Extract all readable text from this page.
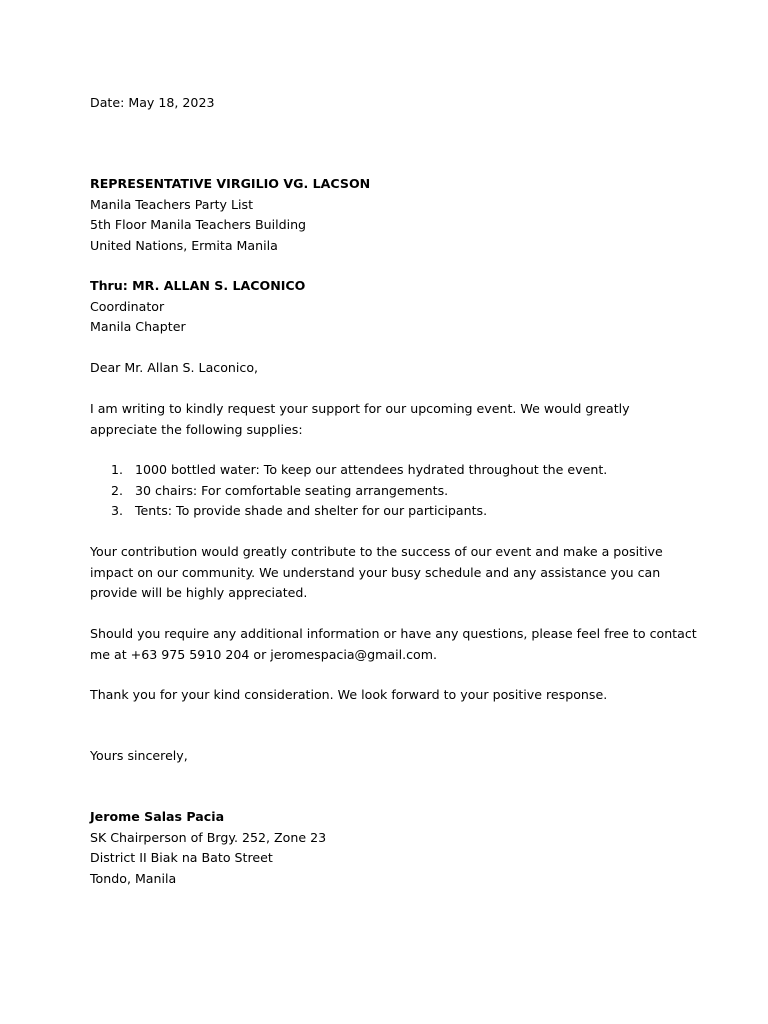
Date: May 18, 2023
REPRESENTATIVE VIRGILIO VG. LACSON
Manila Teachers Party List
5th Floor Manila Teachers Building
United Nations, Ermita Manila
Thru: MR. ALLAN S. LACONICO
Coordinator
Manila Chapter
Dear Mr. Allan S. Laconico,
I am writing to kindly request your support for our upcoming event. We would greatly
appreciate the following supplies:
1. 1000 bottled water: To keep our attendees hydrated throughout the event.
2. 30 chairs: For comfortable seating arrangements.
3. Tents: To provide shade and shelter for our participants.
Your contribution would greatly contribute to the success of our event and make a positive
impact on our community. We understand your busy schedule and any assistance you can
provide will be highly appreciated.
Should you require any additional information or have any questions, please feel free to contact
me at +63 975 5910 204 or jeromespacia@gmail.com.
Thank you for your kind consideration. We look forward to your positive response.
Yours sincerely,
Jerome Salas Pacia
SK Chairperson of Brgy. 252, Zone 23
District II Biak na Bato Street
Tondo, Manila
